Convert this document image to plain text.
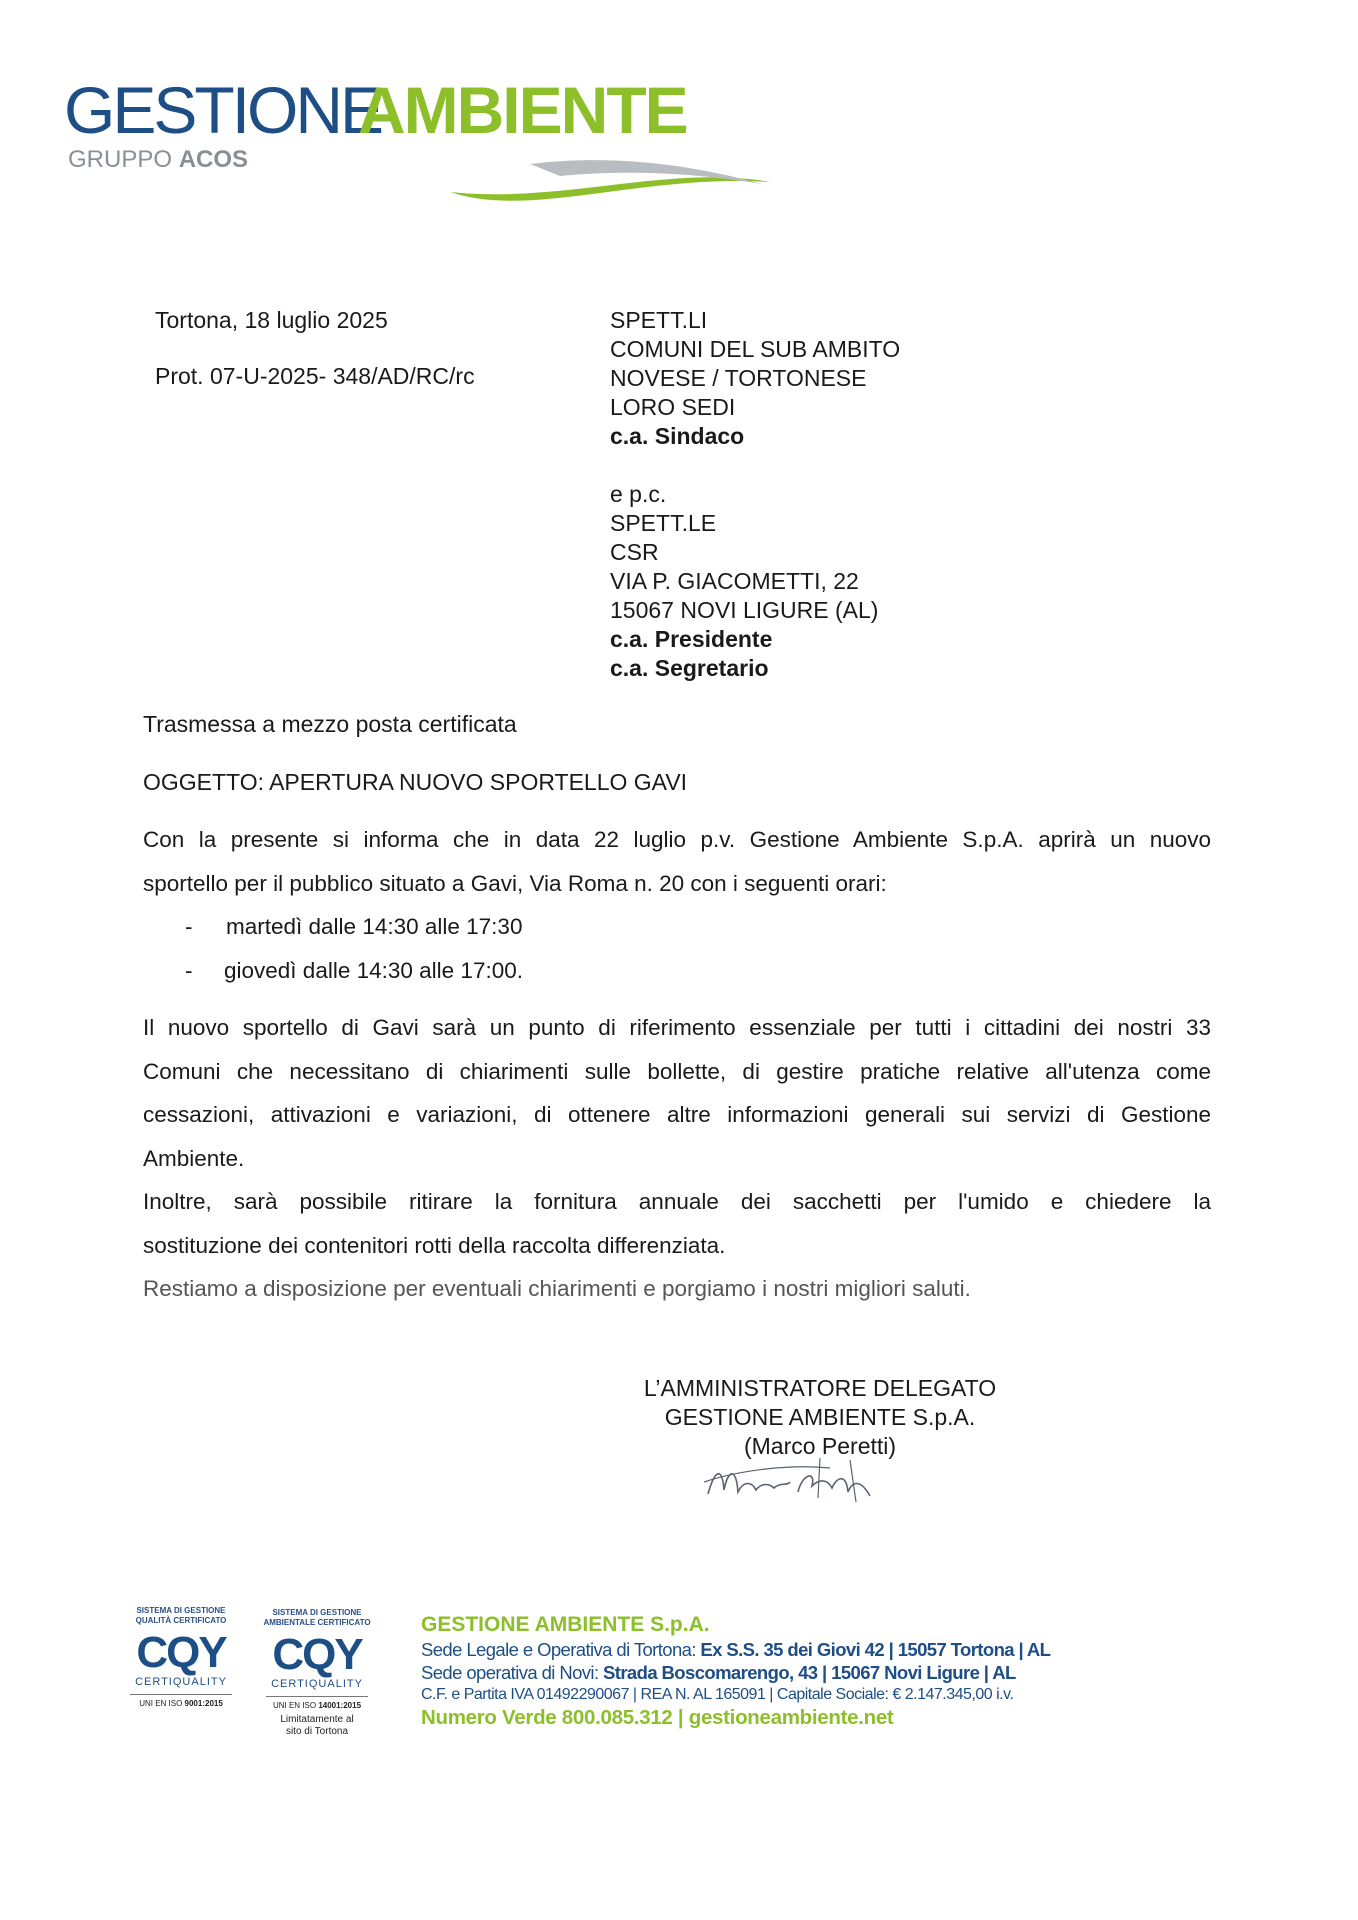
GESTIONE
AMBIENTE
GRUPPO ACOS
Tortona, 18 luglio 2025
Prot. 07-U-2025- 348/AD/RC/rc
SPETT.LI
COMUNI DEL SUB AMBITO
NOVESE / TORTONESE
LORO SEDI
c.a. Sindaco
e p.c.
SPETT.LE
CSR
VIA P. GIACOMETTI, 22
15067 NOVI LIGURE (AL)
c.a. Presidente
c.a. Segretario
Trasmessa a mezzo posta certificata
OGGETTO: APERTURA NUOVO SPORTELLO GAVI
Con la presente si informa che in data 22 luglio p.v. Gestione Ambiente S.p.A. aprirà un nuovo
sportello per il pubblico situato a Gavi, Via Roma n. 20 con i seguenti orari:
- martedì dalle 14:30 alle 17:30
- giovedì dalle 14:30 alle 17:00.
Il nuovo sportello di Gavi sarà un punto di riferimento essenziale per tutti i cittadini dei nostri 33
Comuni che necessitano di chiarimenti sulle bollette, di gestire pratiche relative all'utenza come
cessazioni, attivazioni e variazioni, di ottenere altre informazioni generali sui servizi di Gestione
Ambiente.
Inoltre, sarà possibile ritirare la fornitura annuale dei sacchetti per l'umido e chiedere la
sostituzione dei contenitori rotti della raccolta differenziata.
Restiamo a disposizione per eventuali chiarimenti e porgiamo i nostri migliori saluti.
L’AMMINISTRATORE DELEGATO
GESTIONE AMBIENTE S.p.A.
(Marco Peretti)
SISTEMA DI GESTIONE
QUALITÀ CERTIFICATO
CQY
CERTIQUALITY
UNI EN ISO 9001:2015
SISTEMA DI GESTIONE
AMBIENTALE CERTIFICATO
CQY
CERTIQUALITY
UNI EN ISO 14001:2015
Limitatamente al
sito di Tortona
GESTIONE AMBIENTE S.p.A.
Sede Legale e Operativa di Tortona: Ex S.S. 35 dei Giovi 42 | 15057 Tortona | AL
Sede operativa di Novi: Strada Boscomarengo, 43 | 15067 Novi Ligure | AL
C.F. e Partita IVA 01492290067 | REA N. AL 165091 | Capitale Sociale: € 2.147.345,00 i.v.
Numero Verde 800.085.312 | gestioneambiente.net
